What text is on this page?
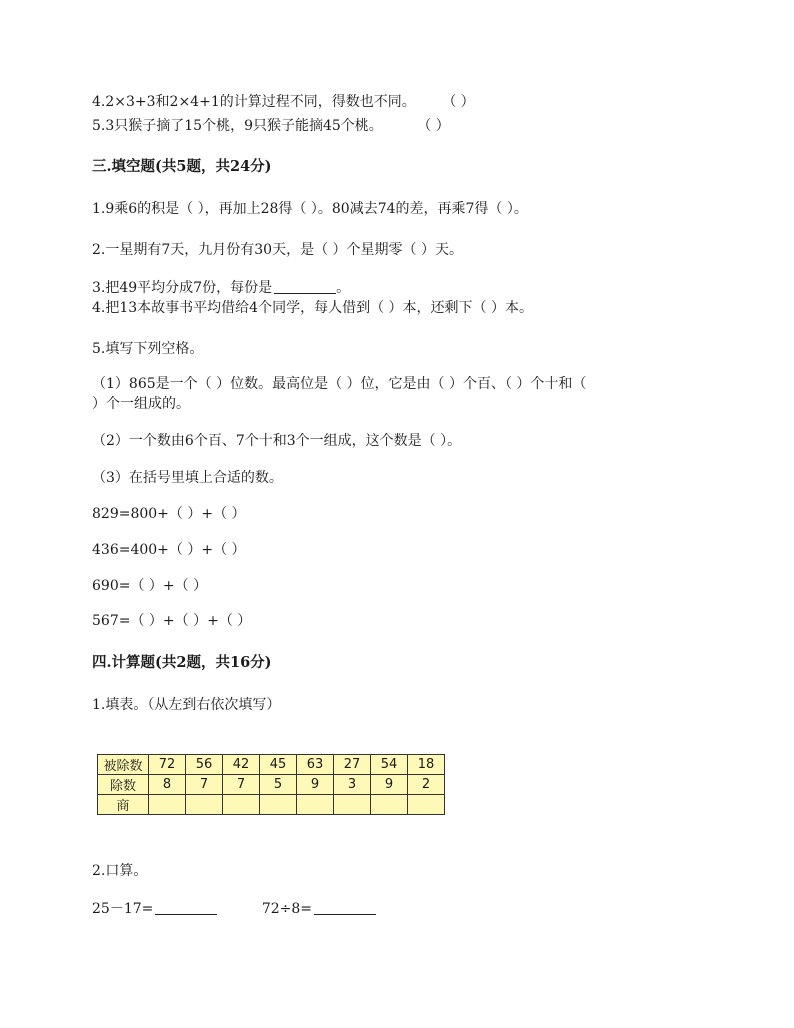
4.2×3+3和2×4+1的计算过程不同，得数也不同。 （ ）
5.3只猴子摘了15个桃，9只猴子能摘45个桃。 （ ）
三.填空题(共5题，共24分)
1.9乘6的积是（ ），再加上28得（ ）。80减去74的差，再乘7得（ ）。
2.一星期有7天，九月份有30天，是（ ）个星期零（ ）天。
3.把49平均分成7份，每份是	。
4.把13本故事书平均借给4个同学，每人借到（ ）本，还剩下（ ）本。
5.填写下列空格。
（1）865是一个（ ）位数。最高位是（ ）位，它是由（ ）个百、（ ）个十和（
）个一组成的。
（2）一个数由6个百、7个十和3个一组成，这个数是（ ）。
（3）在括号里填上合适的数。
829=800+（ ）+（ ）
436=400+（ ）+（ ）
690=（ ）+（ ）
567=（ ）+（ ）+（ ）
四.计算题(共2题，共16分)
1.填表。（从左到右依次填写）
被除数	72	56	42	45	63	27	54	18
除数	8	7	7	5	9	3	9	2
商								
2.口算。
25－17=	72÷8=
